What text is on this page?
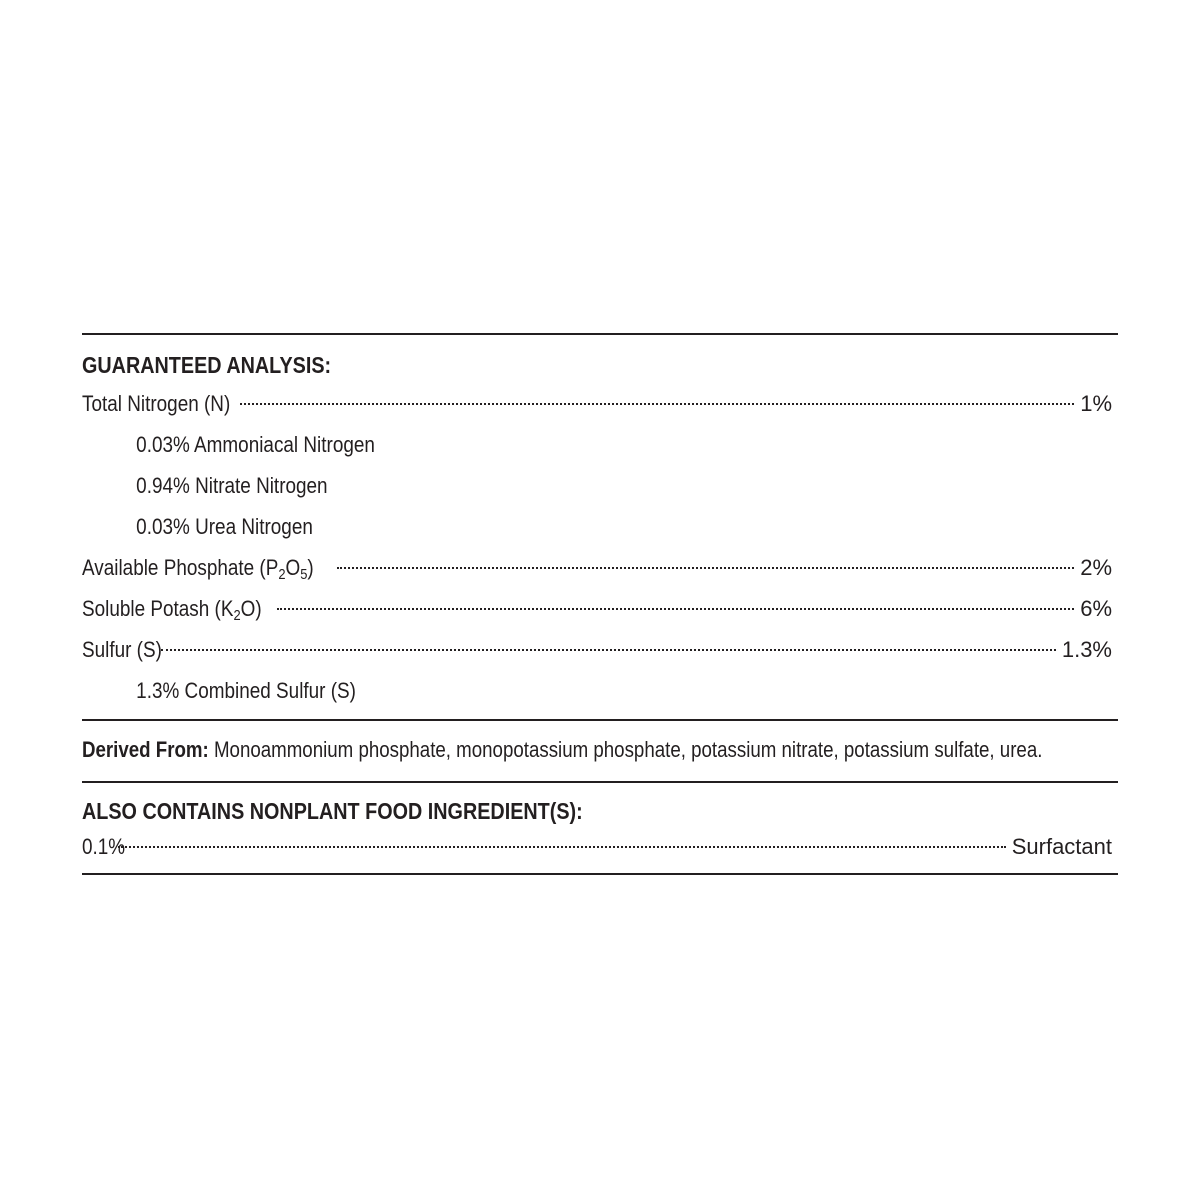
GUARANTEED ANALYSIS:
Total Nitrogen (N)	1%
0.03% Ammoniacal Nitrogen
0.94% Nitrate Nitrogen
0.03% Urea Nitrogen
Available Phosphate $(P_2O_5)$	2%
Soluble Potash $(K_2O)$	6%
Sulfur (S)	1.3%
1.3% Combined Sulfur (S)
Derived From: Monoammonium phosphate, monopotassium phosphate, potassium nitrate, potassium sulfate, urea.
ALSO CONTAINS NONPLANT FOOD INGREDIENT(S):
0.1%	Surfactant
